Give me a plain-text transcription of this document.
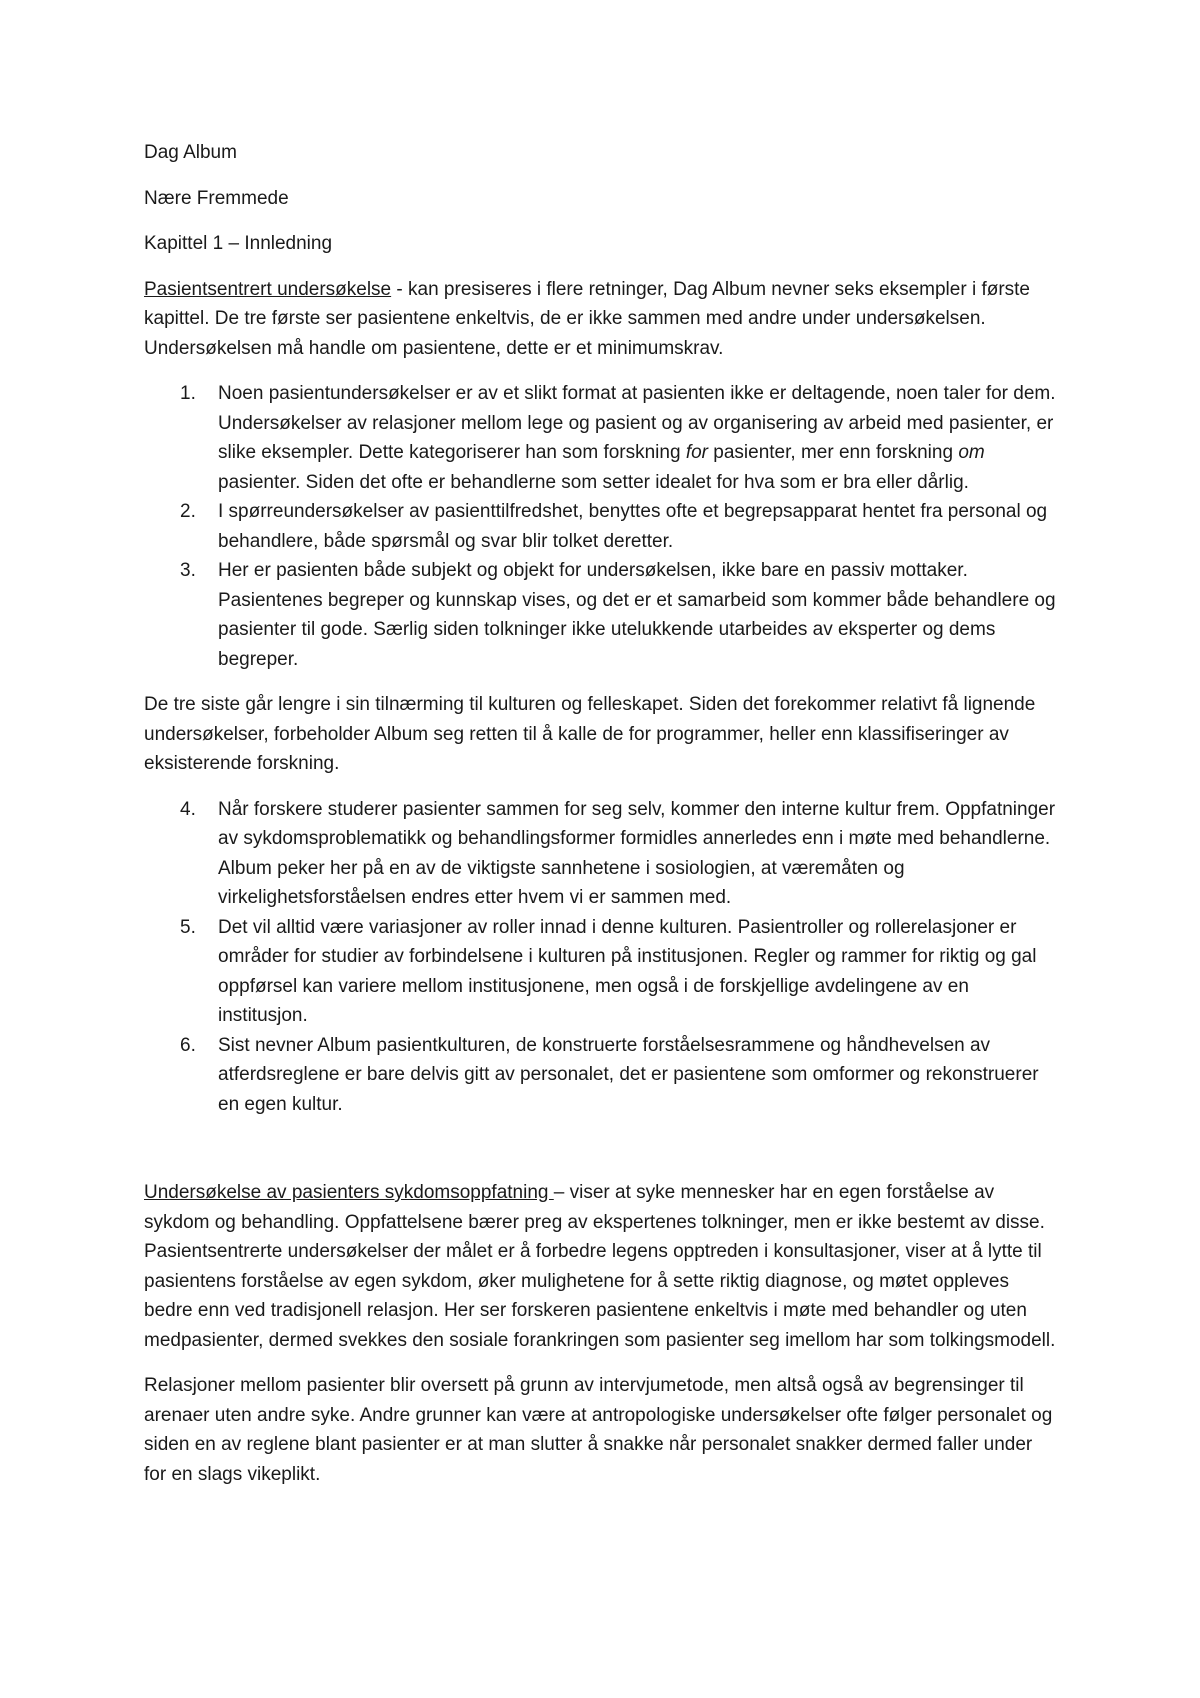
Dag Album

Nære Fremmede

Kapittel 1 – Innledning

Pasientsentrert undersøkelse - kan presiseres i flere retninger, Dag Album nevner seks eksempler i første kapittel. De tre første ser pasientene enkeltvis, de er ikke sammen med andre under undersøkelsen. Undersøkelsen må handle om pasientene, dette er et minimumskrav.

1. Noen pasientundersøkelser er av et slikt format at pasienten ikke er deltagende, noen taler for dem. Undersøkelser av relasjoner mellom lege og pasient og av organisering av arbeid med pasienter, er slike eksempler. Dette kategoriserer han som forskning for pasienter, mer enn forskning om pasienter. Siden det ofte er behandlerne som setter idealet for hva som er bra eller dårlig.
2. I spørreundersøkelser av pasienttilfredshet, benyttes ofte et begrepsapparat hentet fra personal og behandlere, både spørsmål og svar blir tolket deretter.
3. Her er pasienten både subjekt og objekt for undersøkelsen, ikke bare en passiv mottaker. Pasientenes begreper og kunnskap vises, og det er et samarbeid som kommer både behandlere og pasienter til gode. Særlig siden tolkninger ikke utelukkende utarbeides av eksperter og dems begreper.

De tre siste går lengre i sin tilnærming til kulturen og felleskapet. Siden det forekommer relativt få lignende undersøkelser, forbeholder Album seg retten til å kalle de for programmer, heller enn klassifiseringer av eksisterende forskning.

4. Når forskere studerer pasienter sammen for seg selv, kommer den interne kultur frem. Oppfatninger av sykdomsproblematikk og behandlingsformer formidles annerledes enn i møte med behandlerne. Album peker her på en av de viktigste sannhetene i sosiologien, at væremåten og virkelighetsforståelsen endres etter hvem vi er sammen med.
5. Det vil alltid være variasjoner av roller innad i denne kulturen. Pasientroller og rollerelasjoner er områder for studier av forbindelsene i kulturen på institusjonen. Regler og rammer for riktig og gal oppførsel kan variere mellom institusjonene, men også i de forskjellige avdelingene av en institusjon.
6. Sist nevner Album pasientkulturen, de konstruerte forståelsesrammene og håndhevelsen av atferdsreglene er bare delvis gitt av personalet, det er pasientene som omformer og rekonstruerer en egen kultur.

Undersøkelse av pasienters sykdomsoppfatning – viser at syke mennesker har en egen forståelse av sykdom og behandling. Oppfattelsene bærer preg av ekspertenes tolkninger, men er ikke bestemt av disse. Pasientsentrerte undersøkelser der målet er å forbedre legens opptreden i konsultasjoner, viser at å lytte til pasientens forståelse av egen sykdom, øker mulighetene for å sette riktig diagnose, og møtet oppleves bedre enn ved tradisjonell relasjon. Her ser forskeren pasientene enkeltvis i møte med behandler og uten medpasienter, dermed svekkes den sosiale forankringen som pasienter seg imellom har som tolkingsmodell.

Relasjoner mellom pasienter blir oversett på grunn av intervjumetode, men altså også av begrensinger til arenaer uten andre syke. Andre grunner kan være at antropologiske undersøkelser ofte følger personalet og siden en av reglene blant pasienter er at man slutter å snakke når personalet snakker dermed faller under for en slags vikeplikt.
